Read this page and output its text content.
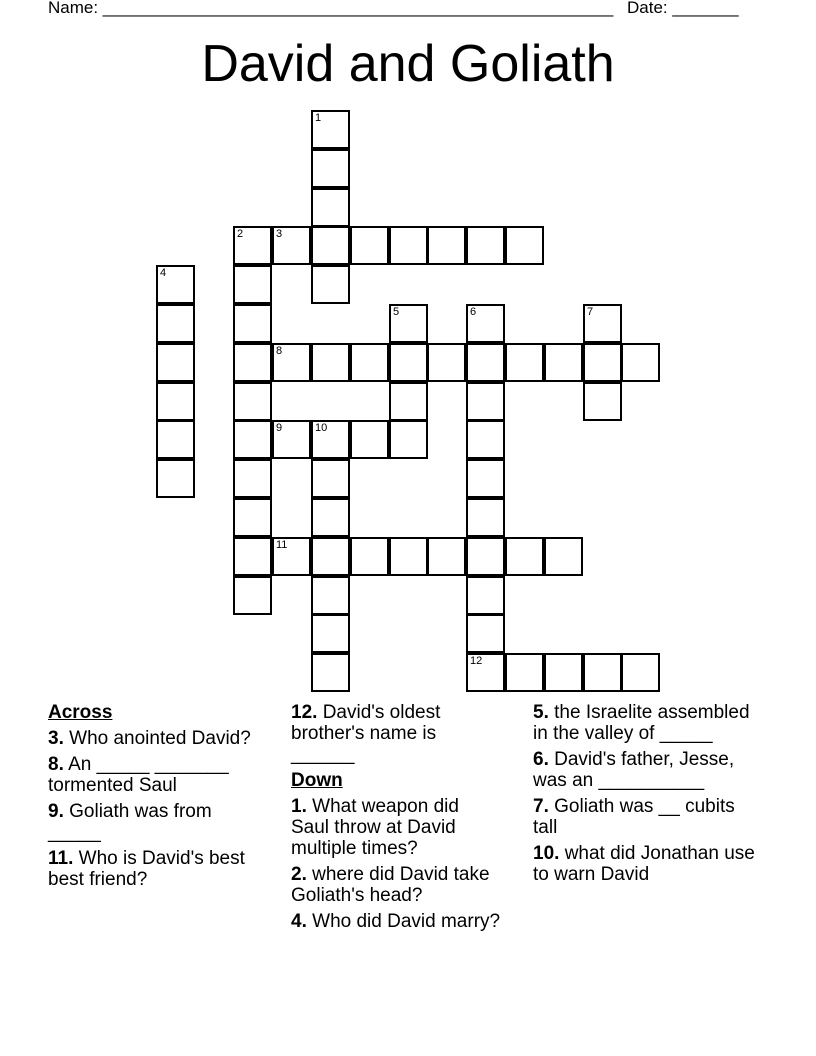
Name: ______________________________________________________ Date: _______
David and Goliath
1
2	3
4
5	6
12
7
8
9	10
11
Across
3. Who anointed David?
8. An _____ _______ tormented Saul
9. Goliath was from _____
11. Who is David's best best friend?
12. David's oldest brother's name is ______
Down
1. What weapon did Saul throw at David multiple times?
2. where did David take Goliath's head?
4. Who did David marry?
5. the Israelite assembled in the valley of _____
6. David's father, Jesse, was an __________
7. Goliath was __ cubits tall
10. what did Jonathan use to warn David
